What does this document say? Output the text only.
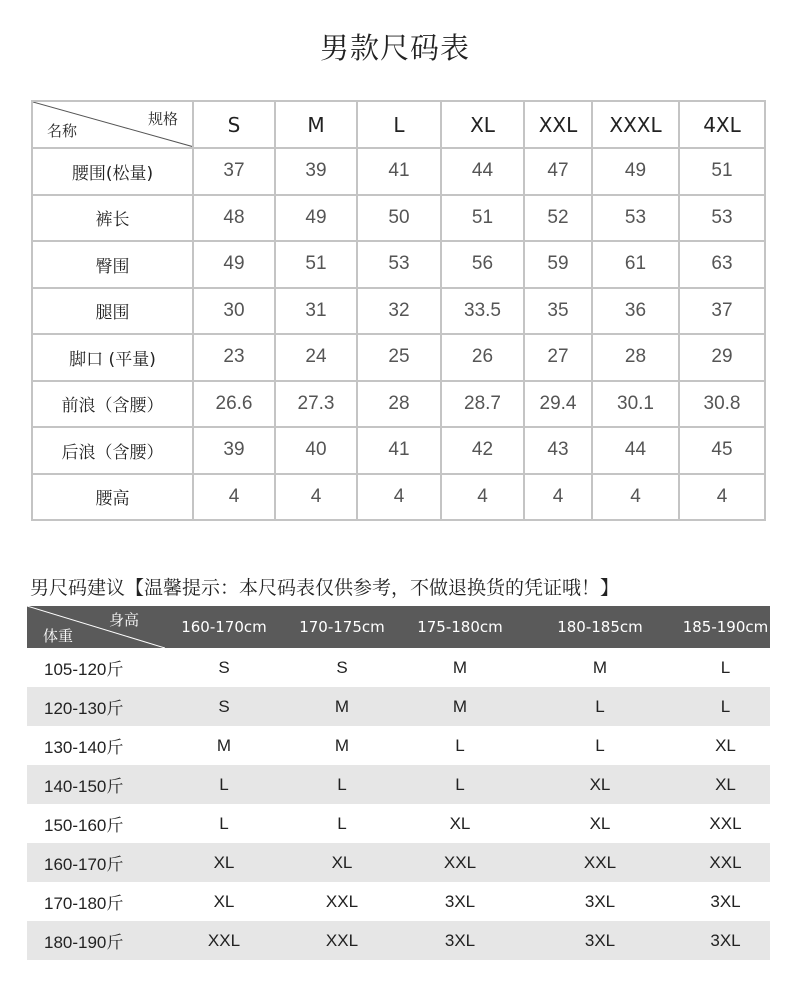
男款尺码表
规格
名称	S	M	L	XL	XXL	XXXL	4XL
腰围(松量)	37	39	41	44	47	49	51
裤长	48	49	50	51	52	53	53
臀围	49	51	53	56	59	61	63
腿围	30	31	32	33.5	35	36	37
脚口 (平量)	23	24	25	26	27	28	29
前浪（含腰）	26.6	27.3	28	28.7	29.4	30.1	30.8
后浪（含腰）	39	40	41	42	43	44	45
腰高	4	4	4	4	4	4	4
男尺码建议【温馨提示：本尺码表仅供参考，不做退换货的凭证哦！】
身高
体重	160-170cm	170-175cm	175-180cm	180-185cm	185-190cm
105-120斤	S	S	M	M	L
120-130斤	S	M	M	L	L
130-140斤	M	M	L	L	XL
140-150斤	L	L	L	XL	XL
150-160斤	L	L	XL	XL	XXL
160-170斤	XL	XL	XXL	XXL	XXL
170-180斤	XL	XXL	3XL	3XL	3XL
180-190斤	XXL	XXL	3XL	3XL	3XL
